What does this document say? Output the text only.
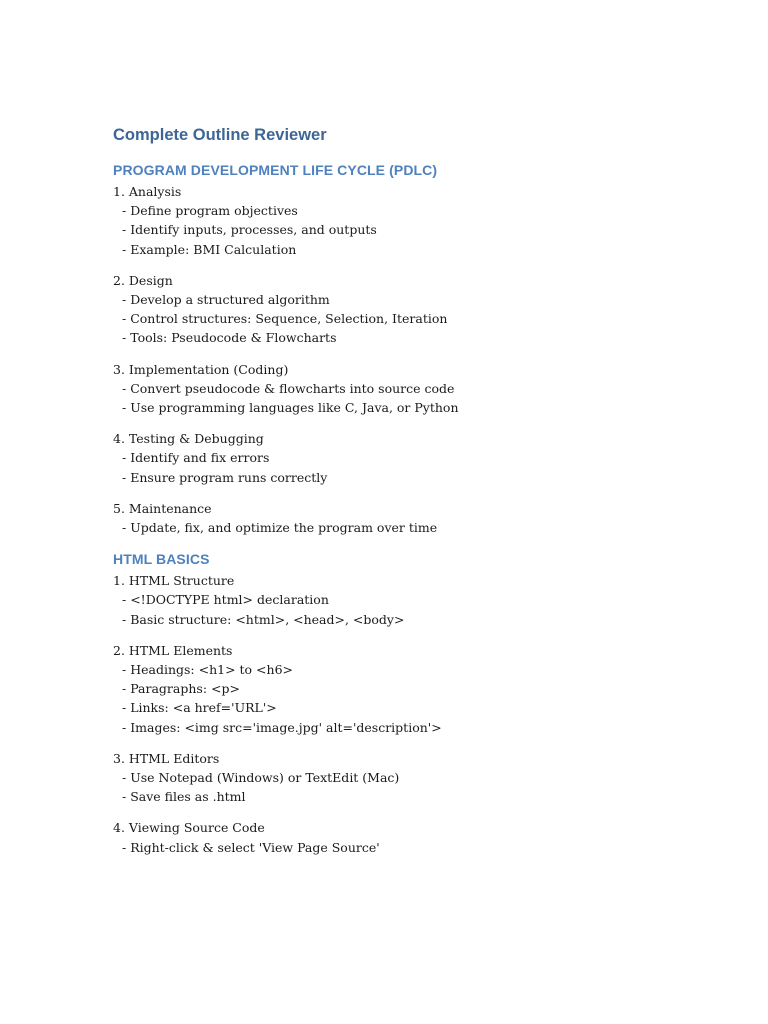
Complete Outline Reviewer
PROGRAM DEVELOPMENT LIFE CYCLE (PDLC)
1. Analysis
- Define program objectives
- Identify inputs, processes, and outputs
- Example: BMI Calculation
2. Design
- Develop a structured algorithm
- Control structures: Sequence, Selection, Iteration
- Tools: Pseudocode & Flowcharts
3. Implementation (Coding)
- Convert pseudocode & flowcharts into source code
- Use programming languages like C, Java, or Python
4. Testing & Debugging
- Identify and fix errors
- Ensure program runs correctly
5. Maintenance
- Update, fix, and optimize the program over time
HTML BASICS
1. HTML Structure
- <!DOCTYPE html> declaration
- Basic structure: <html>, <head>, <body>
2. HTML Elements
- Headings: <h1> to <h6>
- Paragraphs: <p>
- Links: <a href='URL'>
- Images: <img src='image.jpg' alt='description'>
3. HTML Editors
- Use Notepad (Windows) or TextEdit (Mac)
- Save files as .html
4. Viewing Source Code
- Right-click & select 'View Page Source'
